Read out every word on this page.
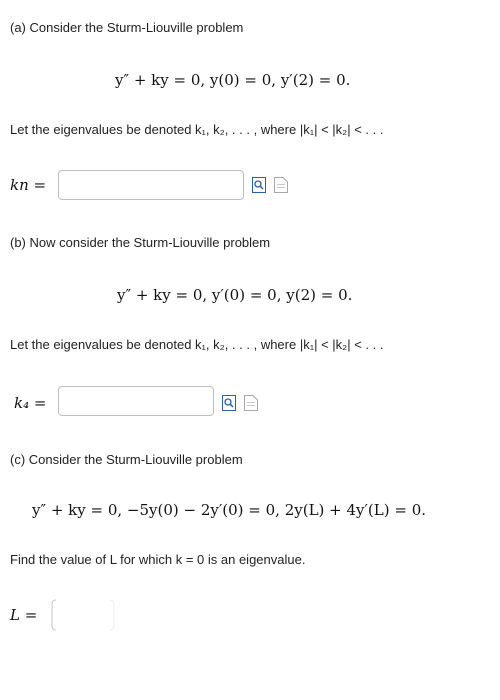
(a) Consider the Sturm-Liouville problem
y″ + ky = 0, y(0) = 0, y′(2) = 0.
Let the eigenvalues be denoted k₁, k₂, . . . , where |k₁| < |k₂| < . . .
kn =
(b) Now consider the Sturm-Liouville problem
y″ + ky = 0, y′(0) = 0, y(2) = 0.
Let the eigenvalues be denoted k₁, k₂, . . . , where |k₁| < |k₂| < . . .
k₄ =
(c) Consider the Sturm-Liouville problem
y″ + ky = 0, −5y(0) − 2y′(0) = 0, 2y(L) + 4y′(L) = 0.
Find the value of L for which k = 0 is an eigenvalue.
L =
